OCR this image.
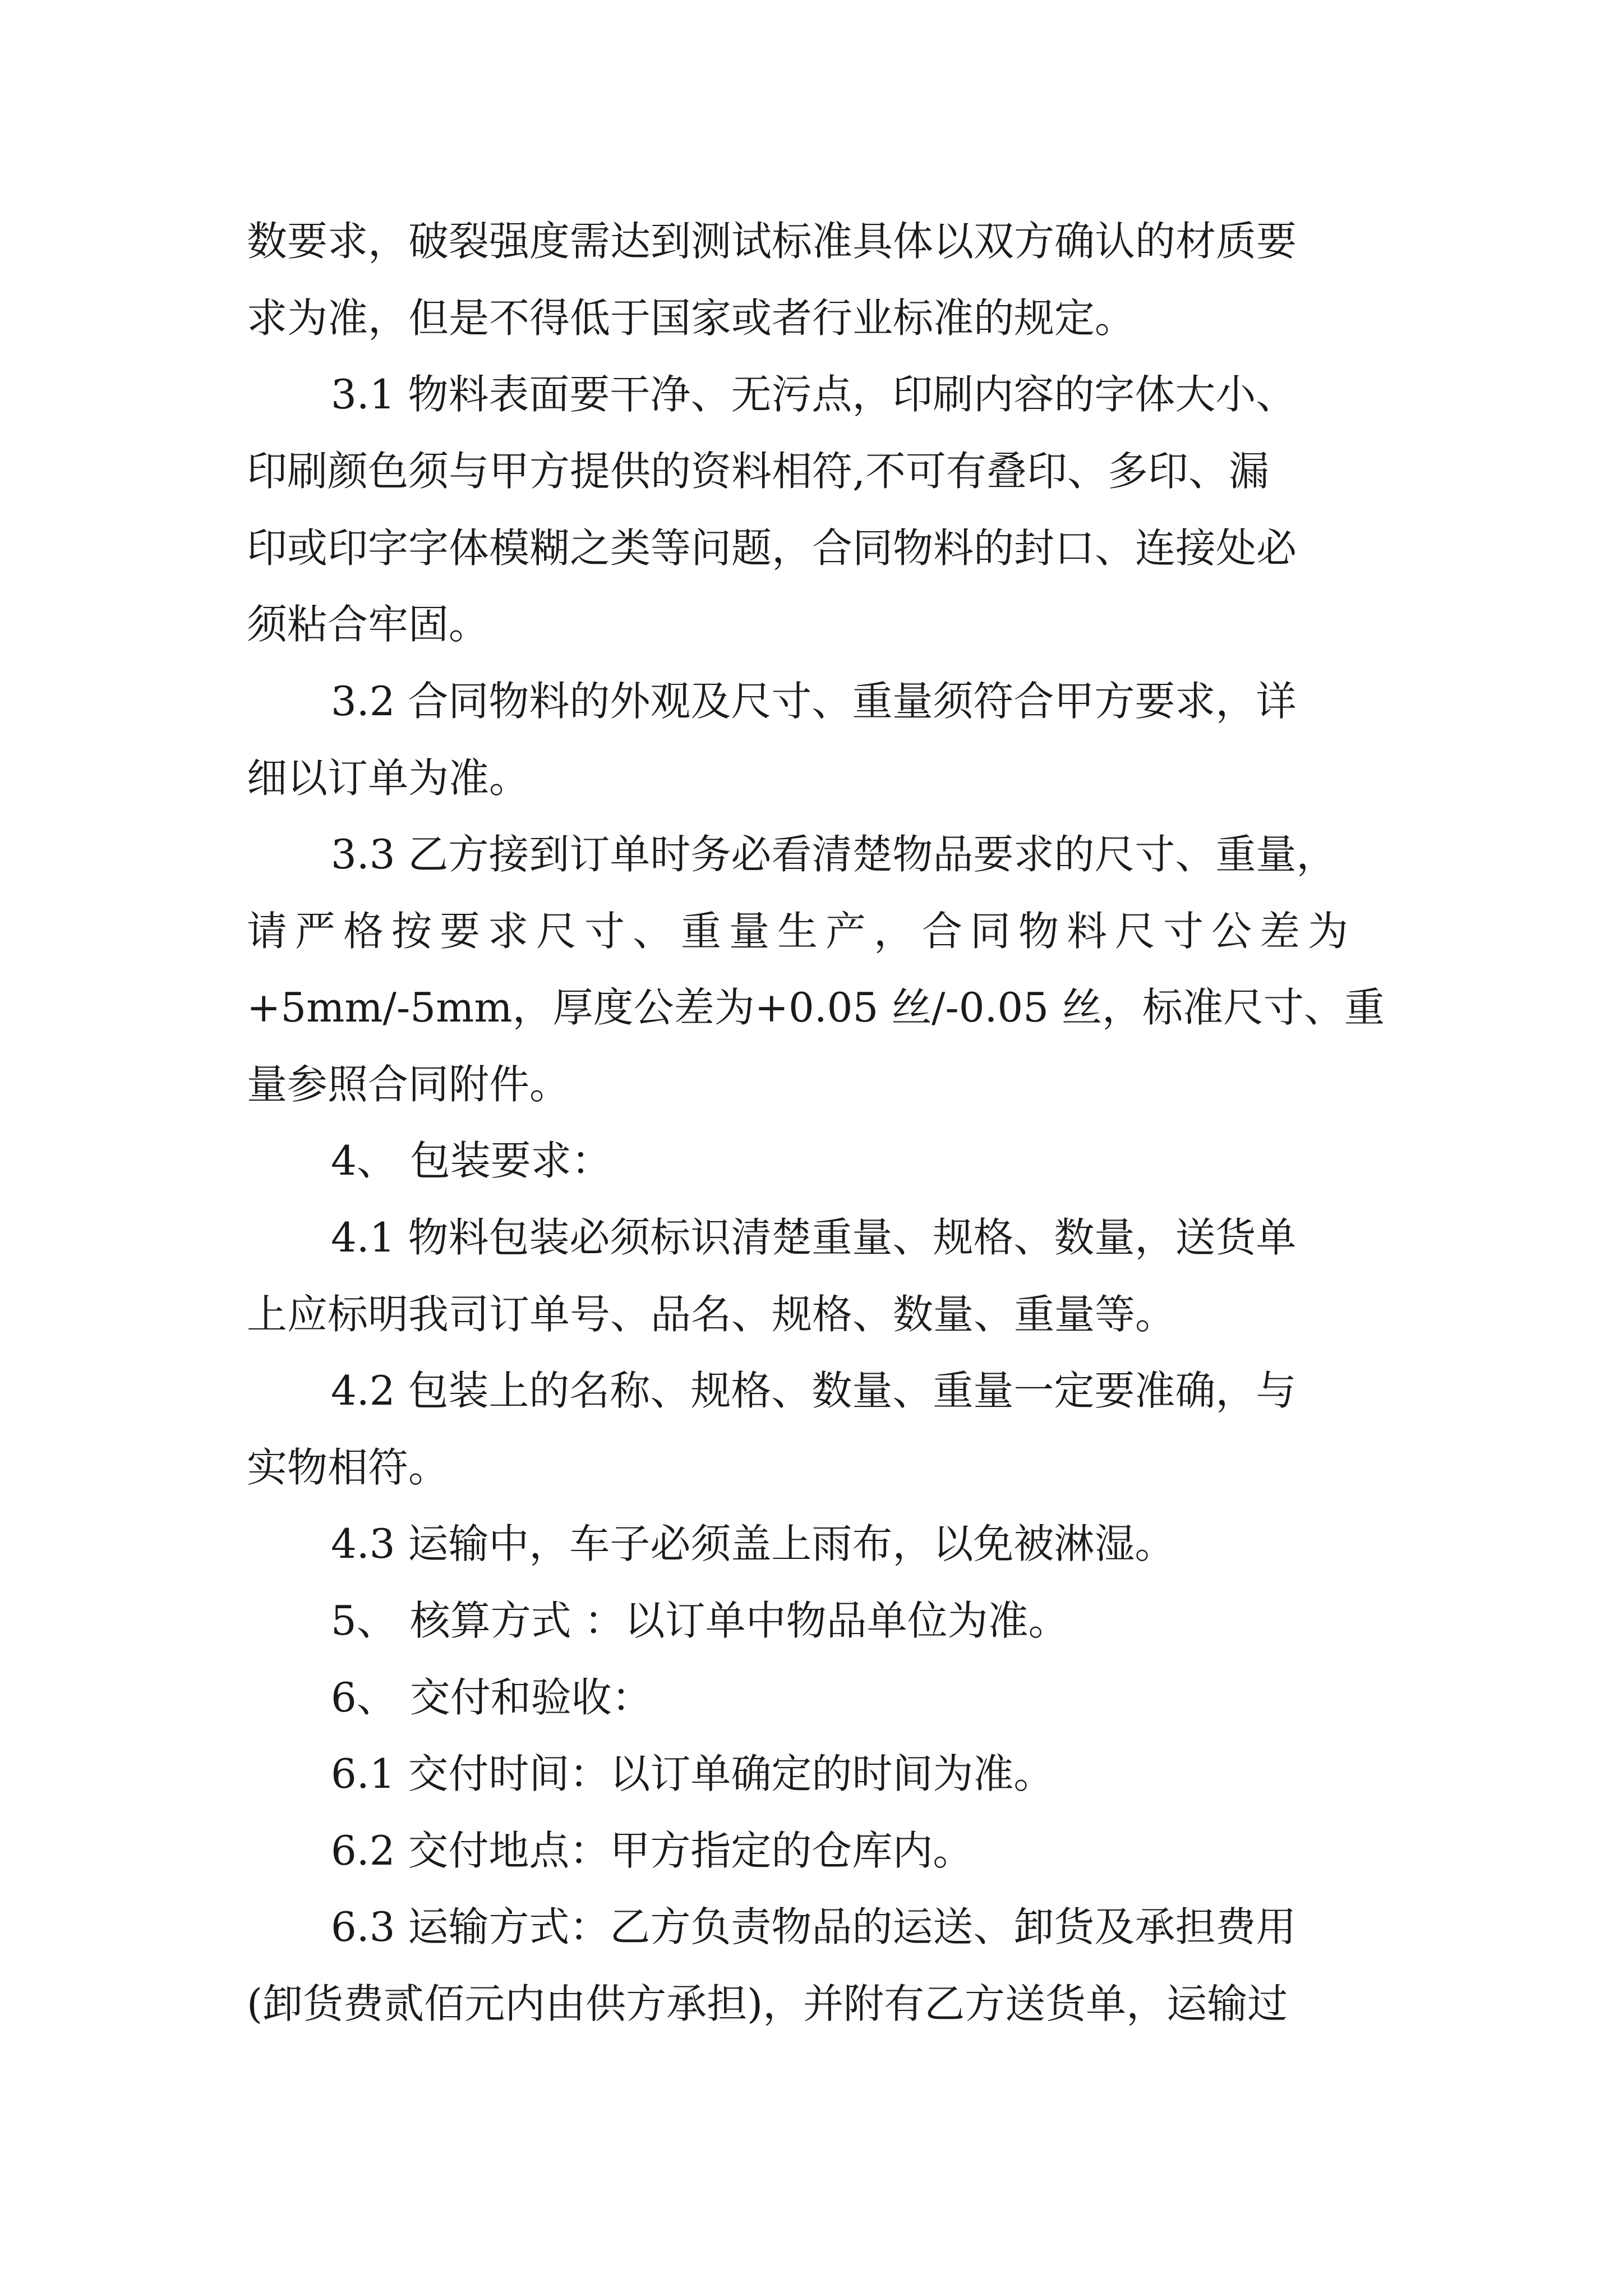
数要求，破裂强度需达到测试标准具体以双方确认的材质要

求为准，但是不得低于国家或者行业标准的规定。

3.1 物料表面要干净、无污点，印刷内容的字体大小、

印刷颜色须与甲方提供的资料相符,不可有叠印、多印、漏

印或印字字体模糊之类等问题，合同物料的封口、连接处必

须粘合牢固。

3.2 合同物料的外观及尺寸、重量须符合甲方要求，详

细以订单为准。

3.3 乙方接到订单时务必看清楚物品要求的尺寸、重量，

请严格按要求尺寸、重量生产，合同物料尺寸公差为

+5mm/-5mm，厚度公差为+0.05 丝/-0.05 丝，标准尺寸、重

量参照合同附件。

4、 包装要求：

4.1 物料包装必须标识清楚重量、规格、数量，送货单

上应标明我司订单号、品名、规格、数量、重量等。

4.2 包装上的名称、规格、数量、重量一定要准确，与

实物相符。

4.3 运输中，车子必须盖上雨布，以免被淋湿。

5、 核算方式 ：以订单中物品单位为准。

6、 交付和验收：

6.1 交付时间：以订单确定的时间为准。

6.2 交付地点：甲方指定的仓库内。

6.3 运输方式：乙方负责物品的运送、卸货及承担费用

(卸货费贰佰元内由供方承担)，并附有乙方送货单，运输过
